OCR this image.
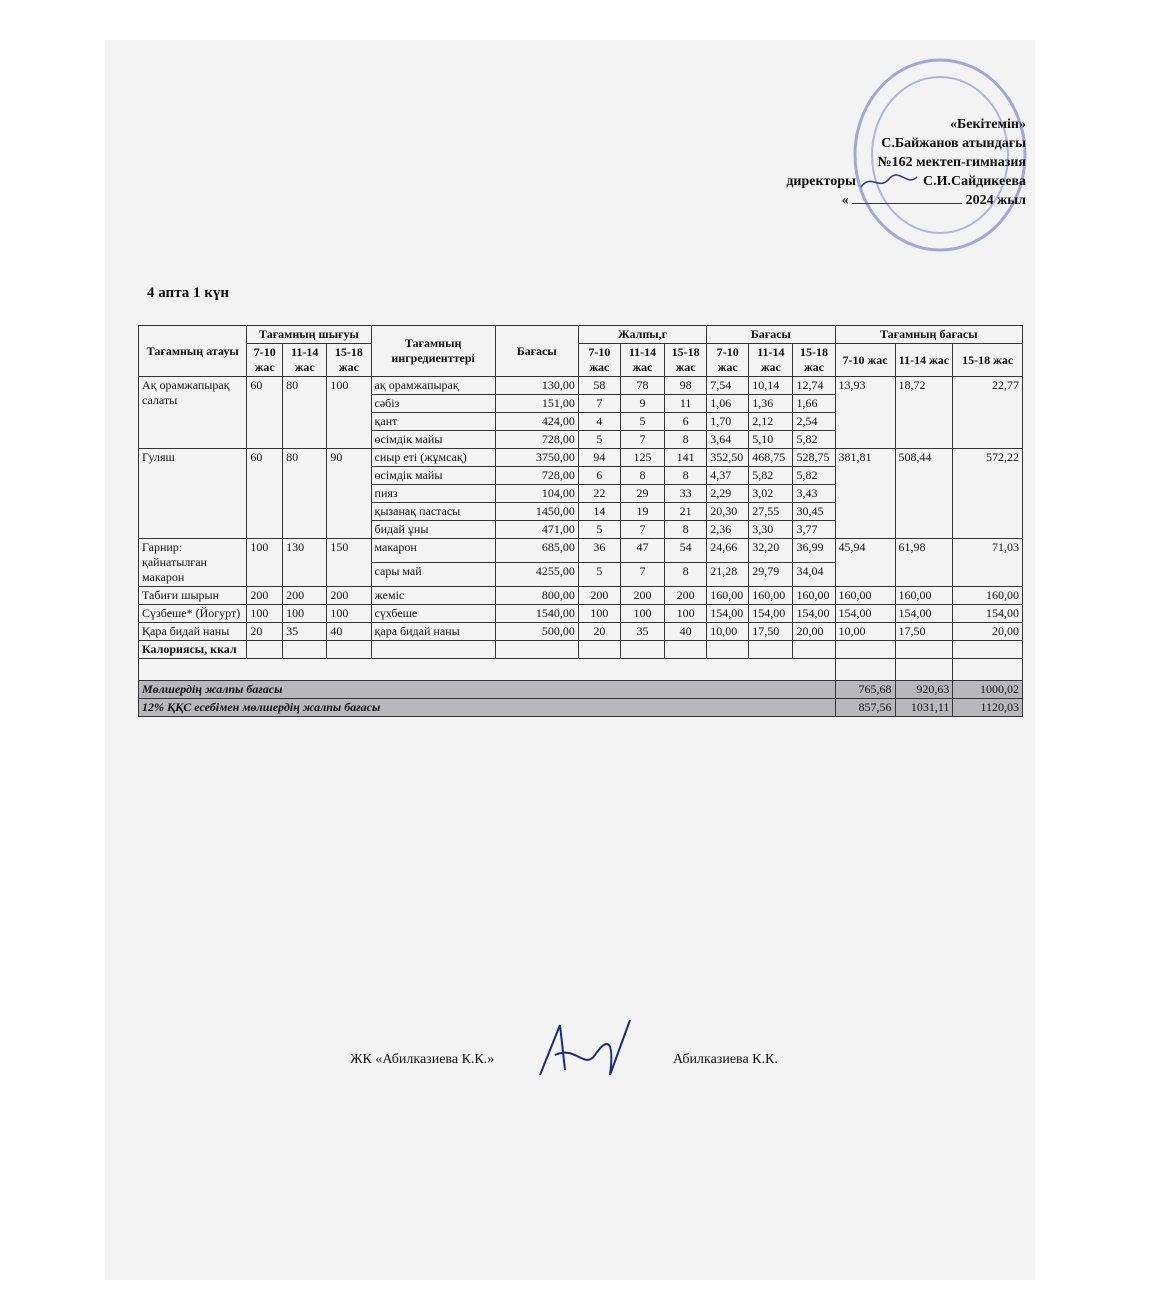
«Бекітемін»
С.Байжанов атындағы
№162 мектеп-гимназия
директоры	С.И.Сайдикеева
«	2024 жыл
4 апта 1 күн
Тағамның атауы	Тағамның шығуы			Тағамның ингредиенттері	Бағасы	Жалпы,г			Бағасы			Тағамның бағасы		
	7-10 жас	11-14 жас	15-18 жас			7-10 жас	11-14 жас	15-18 жас	7-10 жас	11-14 жас	15-18 жас	7-10 жас	11-14 жас	15-18 жас
Ақ орамжапырақ салаты	60	80	100	ақ орамжапырақ	130,00	58	78	98	7,54	10,14	12,74	13,93	18,72	22,77
				сәбіз	151,00	7	9	11	1,06	1,36	1,66			
				қант	424,00	4	5	6	1,70	2,12	2,54			
				өсімдік майы	728,00	5	7	8	3,64	5,10	5,82			
Гуляш	60	80	90	сиыр еті (жұмсақ)	3750,00	94	125	141	352,50	468,75	528,75	381,81	508,44	572,22
				өсімдік майы	728,00	6	8	8	4,37	5,82	5,82			
				пияз	104,00	22	29	33	2,29	3,02	3,43			
				қызанақ пастасы	1450,00	14	19	21	20,30	27,55	30,45			
				бидай ұны	471,00	5	7	8	2,36	3,30	3,77			
Гарнир: қайнатылған макарон	100	130	150	макарон	685,00	36	47	54	24,66	32,20	36,99	45,94	61,98	71,03
				сары май	4255,00	5	7	8	21,28	29,79	34,04			
Табиғи шырын	200	200	200	жеміс	800,00	200	200	200	160,00	160,00	160,00	160,00	160,00	160,00
Сүзбеше* (Йогурт)	100	100	100	сүхбеше	1540,00	100	100	100	154,00	154,00	154,00	154,00	154,00	154,00
Қара бидай наны	20	35	40	қара бидай наны	500,00	20	35	40	10,00	17,50	20,00	10,00	17,50	20,00
Калориясы, ккал														

Мөлшердің жалпы бағасы												765,68	920,63	1000,02
12% ҚҚС есебімен мөлшердің жалпы бағасы												857,56	1031,11	1120,03
ЖК «Абилказиева К.К.»	Абилказиева К.К.
